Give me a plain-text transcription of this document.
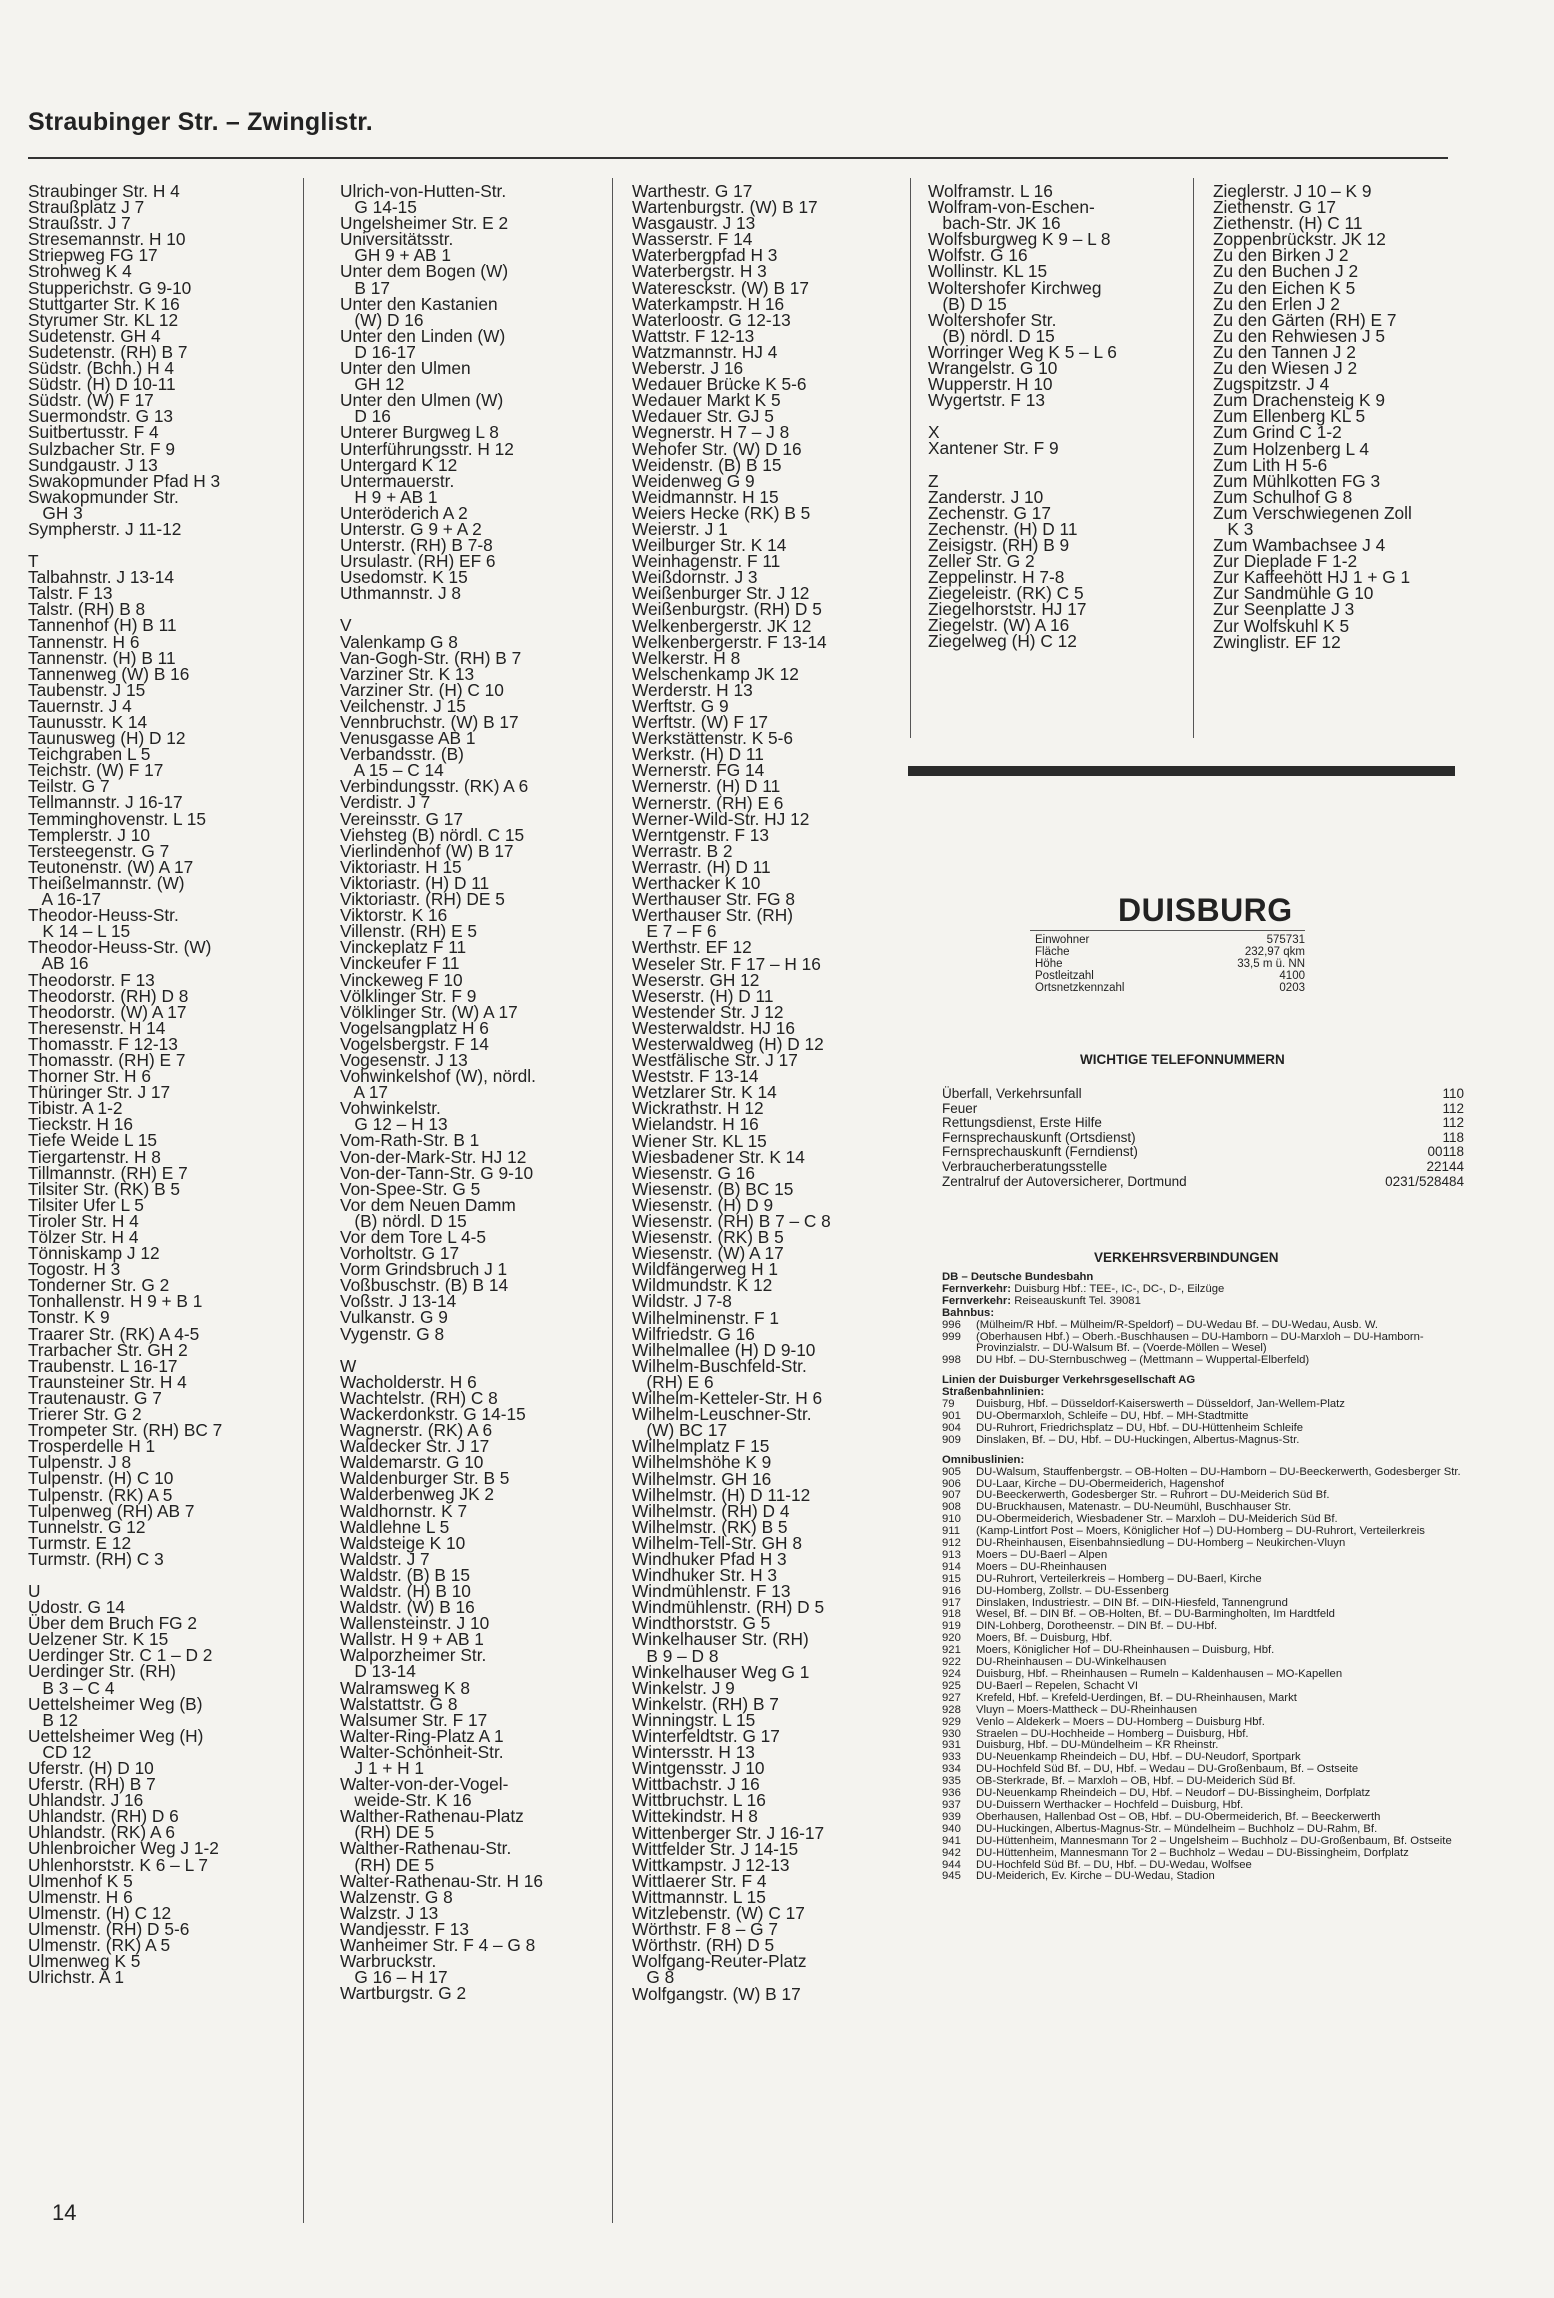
Straubinger Str. – Zwinglistr.
Straubinger Str. H 4
Straußplatz J 7
Straußstr. J 7
Stresemannstr. H 10
Striepweg FG 17
Strohweg K 4
Stupperichstr. G 9-10
Stuttgarter Str. K 16
Styrumer Str. KL 12
Sudetenstr. GH 4
Sudetenstr. (RH) B 7
Südstr. (Bchh.) H 4
Südstr. (H) D 10-11
Südstr. (W) F 17
Suermondstr. G 13
Suitbertusstr. F 4
Sulzbacher Str. F 9
Sundgaustr. J 13
Swakopmunder Pfad H 3
Swakopmunder Str.
GH 3
Sympherstr. J 11-12
T
Talbahnstr. J 13-14
Talstr. F 13
Talstr. (RH) B 8
Tannenhof (H) B 11
Tannenstr. H 6
Tannenstr. (H) B 11
Tannenweg (W) B 16
Taubenstr. J 15
Tauernstr. J 4
Taunusstr. K 14
Taunusweg (H) D 12
Teichgraben L 5
Teichstr. (W) F 17
Teilstr. G 7
Tellmannstr. J 16-17
Temminghovenstr. L 15
Templerstr. J 10
Tersteegenstr. G 7
Teutonenstr. (W) A 17
Theißelmannstr. (W)
A 16-17
Theodor-Heuss-Str.
K 14 – L 15
Theodor-Heuss-Str. (W)
AB 16
Theodorstr. F 13
Theodorstr. (RH) D 8
Theodorstr. (W) A 17
Theresenstr. H 14
Thomasstr. F 12-13
Thomasstr. (RH) E 7
Thorner Str. H 6
Thüringer Str. J 17
Tibistr. A 1-2
Tieckstr. H 16
Tiefe Weide L 15
Tiergartenstr. H 8
Tillmannstr. (RH) E 7
Tilsiter Str. (RK) B 5
Tilsiter Ufer L 5
Tiroler Str. H 4
Tölzer Str. H 4
Tönniskamp J 12
Togostr. H 3
Tonderner Str. G 2
Tonhallenstr. H 9 + B 1
Tonstr. K 9
Traarer Str. (RK) A 4-5
Trarbacher Str. GH 2
Traubenstr. L 16-17
Traunsteiner Str. H 4
Trautenaustr. G 7
Trierer Str. G 2
Trompeter Str. (RH) BC 7
Trosperdelle H 1
Tulpenstr. J 8
Tulpenstr. (H) C 10
Tulpenstr. (RK) A 5
Tulpenweg (RH) AB 7
Tunnelstr. G 12
Turmstr. E 12
Turmstr. (RH) C 3
U
Udostr. G 14
Über dem Bruch FG 2
Uelzener Str. K 15
Uerdinger Str. C 1 – D 2
Uerdinger Str. (RH)
B 3 – C 4
Uettelsheimer Weg (B)
B 12
Uettelsheimer Weg (H)
CD 12
Uferstr. (H) D 10
Uferstr. (RH) B 7
Uhlandstr. J 16
Uhlandstr. (RH) D 6
Uhlandstr. (RK) A 6
Uhlenbroicher Weg J 1-2
Uhlenhorststr. K 6 – L 7
Ulmenhof K 5
Ulmenstr. H 6
Ulmenstr. (H) C 12
Ulmenstr. (RH) D 5-6
Ulmenstr. (RK) A 5
Ulmenweg K 5
Ulrichstr. A 1
Ulrich-von-Hutten-Str.
G 14-15
Ungelsheimer Str. E 2
Universitätsstr.
GH 9 + AB 1
Unter dem Bogen (W)
B 17
Unter den Kastanien
(W) D 16
Unter den Linden (W)
D 16-17
Unter den Ulmen
GH 12
Unter den Ulmen (W)
D 16
Unterer Burgweg L 8
Unterführungsstr. H 12
Untergard K 12
Untermauerstr.
H 9 + AB 1
Unteröderich A 2
Unterstr. G 9 + A 2
Unterstr. (RH) B 7-8
Ursulastr. (RH) EF 6
Usedomstr. K 15
Uthmannstr. J 8
V
Valenkamp G 8
Van-Gogh-Str. (RH) B 7
Varziner Str. K 13
Varziner Str. (H) C 10
Veilchenstr. J 15
Vennbruchstr. (W) B 17
Venusgasse AB 1
Verbandsstr. (B)
A 15 – C 14
Verbindungsstr. (RK) A 6
Verdistr. J 7
Vereinsstr. G 17
Viehsteg (B) nördl. C 15
Vierlindenhof (W) B 17
Viktoriastr. H 15
Viktoriastr. (H) D 11
Viktoriastr. (RH) DE 5
Viktorstr. K 16
Villenstr. (RH) E 5
Vinckeplatz F 11
Vinckeufer F 11
Vinckeweg F 10
Völklinger Str. F 9
Völklinger Str. (W) A 17
Vogelsangplatz H 6
Vogelsbergstr. F 14
Vogesenstr. J 13
Vohwinkelshof (W), nördl.
A 17
Vohwinkelstr.
G 12 – H 13
Vom-Rath-Str. B 1
Von-der-Mark-Str. HJ 12
Von-der-Tann-Str. G 9-10
Von-Spee-Str. G 5
Vor dem Neuen Damm
(B) nördl. D 15
Vor dem Tore L 4-5
Vorholtstr. G 17
Vorm Grindsbruch J 1
Voßbuschstr. (B) B 14
Voßstr. J 13-14
Vulkanstr. G 9
Vygenstr. G 8
W
Wacholderstr. H 6
Wachtelstr. (RH) C 8
Wackerdonkstr. G 14-15
Wagnerstr. (RK) A 6
Waldecker Str. J 17
Waldemarstr. G 10
Waldenburger Str. B 5
Walderbenweg JK 2
Waldhornstr. K 7
Waldlehne L 5
Waldsteige K 10
Waldstr. J 7
Waldstr. (B) B 15
Waldstr. (H) B 10
Waldstr. (W) B 16
Wallensteinstr. J 10
Wallstr. H 9 + AB 1
Walporzheimer Str.
D 13-14
Walramsweg K 8
Walstattstr. G 8
Walsumer Str. F 17
Walter-Ring-Platz A 1
Walter-Schönheit-Str.
J 1 + H 1
Walter-von-der-Vogel-
weide-Str. K 16
Walther-Rathenau-Platz
(RH) DE 5
Walther-Rathenau-Str.
(RH) DE 5
Walter-Rathenau-Str. H 16
Walzenstr. G 8
Walzstr. J 13
Wandjesstr. F 13
Wanheimer Str. F 4 – G 8
Warbruckstr.
G 16 – H 17
Wartburgstr. G 2
Warthestr. G 17
Wartenburgstr. (W) B 17
Wasgaustr. J 13
Wasserstr. F 14
Waterbergpfad H 3
Waterbergstr. H 3
Wateresckstr. (W) B 17
Waterkampstr. H 16
Waterloostr. G 12-13
Wattstr. F 12-13
Watzmannstr. HJ 4
Weberstr. J 16
Wedauer Brücke K 5-6
Wedauer Markt K 5
Wedauer Str. GJ 5
Wegnerstr. H 7 – J 8
Wehofer Str. (W) D 16
Weidenstr. (B) B 15
Weidenweg G 9
Weidmannstr. H 15
Weiers Hecke (RK) B 5
Weierstr. J 1
Weilburger Str. K 14
Weinhagenstr. F 11
Weißdornstr. J 3
Weißenburger Str. J 12
Weißenburgstr. (RH) D 5
Welkenbergerstr. JK 12
Welkenbergerstr. F 13-14
Welkerstr. H 8
Welschenkamp JK 12
Werderstr. H 13
Werftstr. G 9
Werftstr. (W) F 17
Werkstättenstr. K 5-6
Werkstr. (H) D 11
Wernerstr. FG 14
Wernerstr. (H) D 11
Wernerstr. (RH) E 6
Werner-Wild-Str. HJ 12
Werntgenstr. F 13
Werrastr. B 2
Werrastr. (H) D 11
Werthacker K 10
Werthauser Str. FG 8
Werthauser Str. (RH)
E 7 – F 6
Werthstr. EF 12
Weseler Str. F 17 – H 16
Weserstr. GH 12
Weserstr. (H) D 11
Westender Str. J 12
Westerwaldstr. HJ 16
Westerwaldweg (H) D 12
Westfälische Str. J 17
Weststr. F 13-14
Wetzlarer Str. K 14
Wickrathstr. H 12
Wielandstr. H 16
Wiener Str. KL 15
Wiesbadener Str. K 14
Wiesenstr. G 16
Wiesenstr. (B) BC 15
Wiesenstr. (H) D 9
Wiesenstr. (RH) B 7 – C 8
Wiesenstr. (RK) B 5
Wiesenstr. (W) A 17
Wildfängerweg H 1
Wildmundstr. K 12
Wildstr. J 7-8
Wilhelminenstr. F 1
Wilfriedstr. G 16
Wilhelmallee (H) D 9-10
Wilhelm-Buschfeld-Str.
(RH) E 6
Wilhelm-Ketteler-Str. H 6
Wilhelm-Leuschner-Str.
(W) BC 17
Wilhelmplatz F 15
Wilhelmshöhe K 9
Wilhelmstr. GH 16
Wilhelmstr. (H) D 11-12
Wilhelmstr. (RH) D 4
Wilhelmstr. (RK) B 5
Wilhelm-Tell-Str. GH 8
Windhuker Pfad H 3
Windhuker Str. H 3
Windmühlenstr. F 13
Windmühlenstr. (RH) D 5
Windthorststr. G 5
Winkelhauser Str. (RH)
B 9 – D 8
Winkelhauser Weg G 1
Winkelstr. J 9
Winkelstr. (RH) B 7
Winningstr. L 15
Winterfeldtstr. G 17
Wintersstr. H 13
Wintgensstr. J 10
Wittbachstr. J 16
Wittbruchstr. L 16
Wittekindstr. H 8
Wittenberger Str. J 16-17
Wittfelder Str. J 14-15
Wittkampstr. J 12-13
Wittlaerer Str. F 4
Wittmannstr. L 15
Witzlebenstr. (W) C 17
Wörthstr. F 8 – G 7
Wörthstr. (RH) D 5
Wolfgang-Reuter-Platz
G 8
Wolfgangstr. (W) B 17
Wolframstr. L 16
Wolfram-von-Eschen-
bach-Str. JK 16
Wolfsburgweg K 9 – L 8
Wolfstr. G 16
Wollinstr. KL 15
Woltershofer Kirchweg
(B) D 15
Woltershofer Str.
(B) nördl. D 15
Worringer Weg K 5 – L 6
Wrangelstr. G 10
Wupperstr. H 10
Wygertstr. F 13
X
Xantener Str. F 9
Z
Zanderstr. J 10
Zechenstr. G 17
Zechenstr. (H) D 11
Zeisigstr. (RH) B 9
Zeller Str. G 2
Zeppelinstr. H 7-8
Ziegeleistr. (RK) C 5
Ziegelhorststr. HJ 17
Ziegelstr. (W) A 16
Ziegelweg (H) C 12
Zieglerstr. J 10 – K 9
Ziethenstr. G 17
Ziethenstr. (H) C 11
Zoppenbrückstr. JK 12
Zu den Birken J 2
Zu den Buchen J 2
Zu den Eichen K 5
Zu den Erlen J 2
Zu den Gärten (RH) E 7
Zu den Rehwiesen J 5
Zu den Tannen J 2
Zu den Wiesen J 2
Zugspitzstr. J 4
Zum Drachensteig K 9
Zum Ellenberg KL 5
Zum Grind C 1-2
Zum Holzenberg L 4
Zum Lith H 5-6
Zum Mühlkotten FG 3
Zum Schulhof G 8
Zum Verschwiegenen Zoll
K 3
Zum Wambachsee J 4
Zur Dieplade F 1-2
Zur Kaffeehött HJ 1 + G 1
Zur Sandmühle G 10
Zur Seenplatte J 3
Zur Wolfskuhl K 5
Zwinglistr. EF 12
DUISBURG
Einwohner	575731
Fläche	232,97 qkm
Höhe	33,5 m ü. NN
Postleitzahl	4100
Ortsnetzkennzahl	0203
WICHTIGE TELEFONNUMMERN
Überfall, Verkehrsunfall	110
Feuer	112
Rettungsdienst, Erste Hilfe	112
Fernsprechauskunft (Ortsdienst)	118
Fernsprechauskunft (Ferndienst)	00118
Verbraucherberatungsstelle	22144
Zentralruf der Autoversicherer, Dortmund	0231/528484
VERKEHRSVERBINDUNGEN
DB – Deutsche Bundesbahn
Fernverkehr: Duisburg Hbf.: TEE-, IC-, DC-, D-, Eilzüge
Fernverkehr: Reiseauskunft Tel. 39081
Bahnbus:
996	(Mülheim/R Hbf. – Mülheim/R-Speldorf) – DU-Wedau Bf. – DU-Wedau, Ausb. W.
999	(Oberhausen Hbf.) – Oberh.-Buschhausen – DU-Hamborn – DU-Marxloh – DU-Hamborn-Provinzialstr. – DU-Walsum Bf. – (Voerde-Möllen – Wesel)
998	DU Hbf. – DU-Sternbuschweg – (Mettmann – Wuppertal-Elberfeld)
Linien der Duisburger Verkehrsgesellschaft AG
Straßenbahnlinien:
79	Duisburg, Hbf. – Düsseldorf-Kaiserswerth – Düsseldorf, Jan-Wellem-Platz
901	DU-Obermarxloh, Schleife – DU, Hbf. – MH-Stadtmitte
904	DU-Ruhrort, Friedrichsplatz – DU, Hbf. – DU-Hüttenheim Schleife
909	Dinslaken, Bf. – DU, Hbf. – DU-Huckingen, Albertus-Magnus-Str.
Omnibuslinien:
905	DU-Walsum, Stauffenbergstr. – OB-Holten – DU-Hamborn – DU-Beeckerwerth, Godesberger Str.
906	DU-Laar, Kirche – DU-Obermeiderich, Hagenshof
907	DU-Beeckerwerth, Godesberger Str. – Ruhrort – DU-Meiderich Süd Bf.
908	DU-Bruckhausen, Matenastr. – DU-Neumühl, Buschhauser Str.
910	DU-Obermeiderich, Wiesbadener Str. – Marxloh – DU-Meiderich Süd Bf.
911	(Kamp-Lintfort Post – Moers, Königlicher Hof –) DU-Homberg – DU-Ruhrort, Verteilerkreis
912	DU-Rheinhausen, Eisenbahnsiedlung – DU-Homberg – Neukirchen-Vluyn
913	Moers – DU-Baerl – Alpen
914	Moers – DU-Rheinhausen
915	DU-Ruhrort, Verteilerkreis – Homberg – DU-Baerl, Kirche
916	DU-Homberg, Zollstr. – DU-Essenberg
917	Dinslaken, Industriestr. – DIN Bf. – DIN-Hiesfeld, Tannengrund
918	Wesel, Bf. – DIN Bf. – OB-Holten, Bf. – DU-Barmingholten, Im Hardtfeld
919	DIN-Lohberg, Dorotheenstr. – DIN Bf. – DU-Hbf.
920	Moers, Bf. – Duisburg, Hbf.
921	Moers, Königlicher Hof – DU-Rheinhausen – Duisburg, Hbf.
922	DU-Rheinhausen – DU-Winkelhausen
924	Duisburg, Hbf. – Rheinhausen – Rumeln – Kaldenhausen – MO-Kapellen
925	DU-Baerl – Repelen, Schacht VI
927	Krefeld, Hbf. – Krefeld-Uerdingen, Bf. – DU-Rheinhausen, Markt
928	Vluyn – Moers-Mattheck – DU-Rheinhausen
929	Venlo – Aldekerk – Moers – DU-Homberg – Duisburg Hbf.
930	Straelen – DU-Hochheide – Homberg – Duisburg, Hbf.
931	Duisburg, Hbf. – DU-Mündelheim – KR Rheinstr.
933	DU-Neuenkamp Rheindeich – DU, Hbf. – DU-Neudorf, Sportpark
934	DU-Hochfeld Süd Bf. – DU, Hbf. – Wedau – DU-Großenbaum, Bf. – Ostseite
935	OB-Sterkrade, Bf. – Marxloh – OB, Hbf. – DU-Meiderich Süd Bf.
936	DU-Neuenkamp Rheindeich – DU, Hbf. – Neudorf – DU-Bissingheim, Dorfplatz
937	DU-Duissern Werthacker – Hochfeld – Duisburg, Hbf.
939	Oberhausen, Hallenbad Ost – OB, Hbf. – DU-Obermeiderich, Bf. – Beeckerwerth
940	DU-Huckingen, Albertus-Magnus-Str. – Mündelheim – Buchholz – DU-Rahm, Bf.
941	DU-Hüttenheim, Mannesmann Tor 2 – Ungelsheim – Buchholz – DU-Großenbaum, Bf. Ostseite
942	DU-Hüttenheim, Mannesmann Tor 2 – Buchholz – Wedau – DU-Bissingheim, Dorfplatz
944	DU-Hochfeld Süd Bf. – DU, Hbf. – DU-Wedau, Wolfsee
945	DU-Meiderich, Ev. Kirche – DU-Wedau, Stadion
14
